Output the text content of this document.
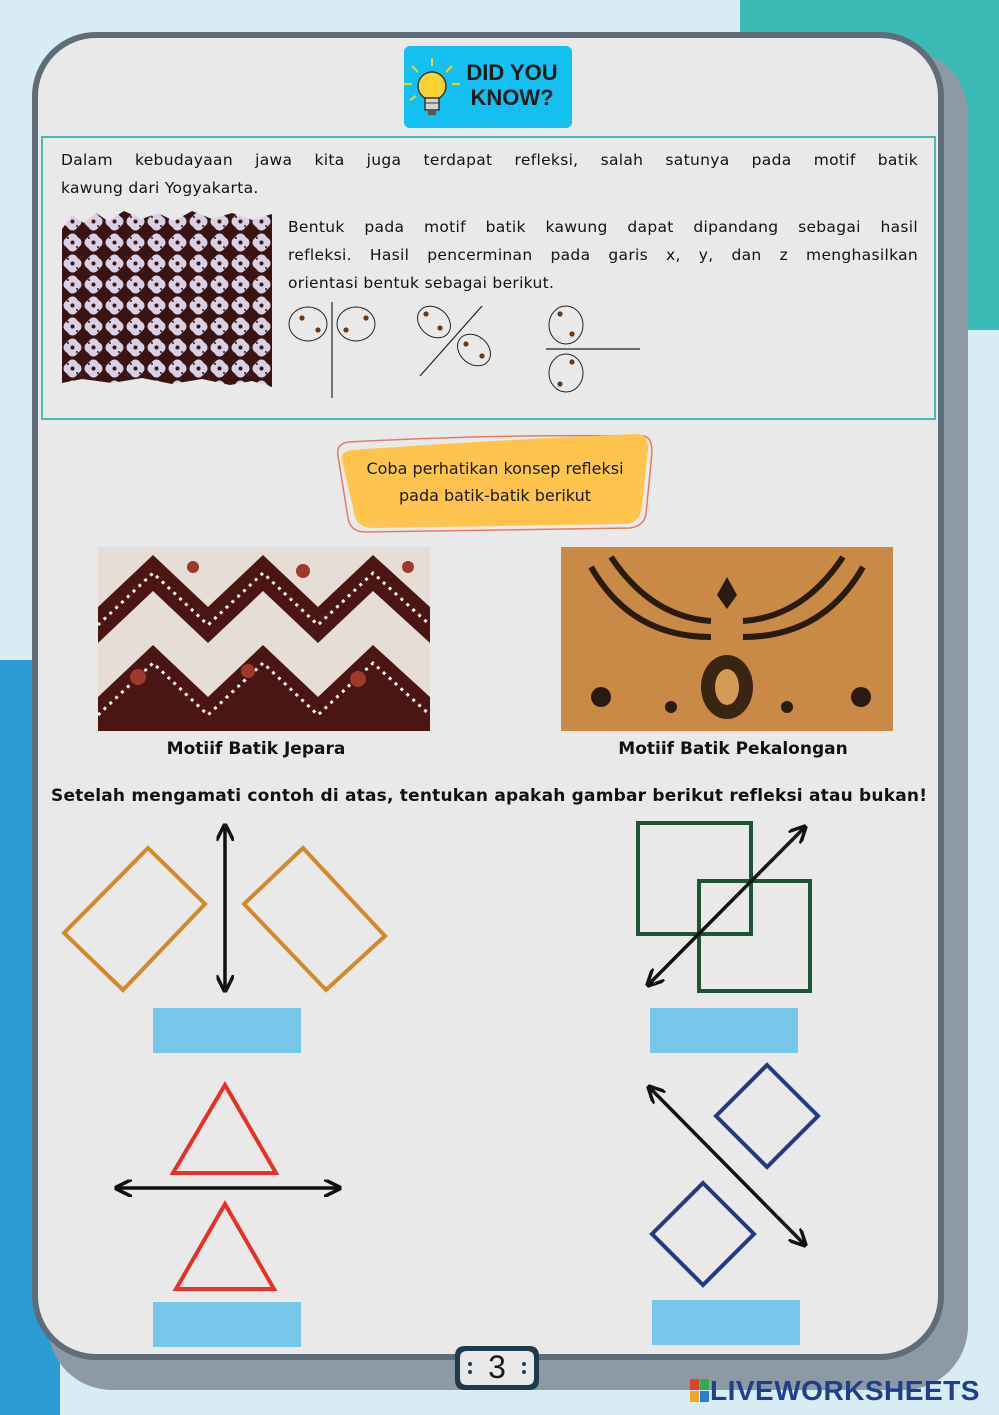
DID YOU
KNOW?
Dalam kebudayaan jawa kita juga terdapat refleksi, salah satunya pada motif batik
kawung dari Yogyakarta.
Bentuk pada motif batik kawung dapat dipandang sebagai hasil
refleksi. Hasil pencerminan pada garis x, y, dan z menghasilkan
orientasi bentuk sebagai berikut.
Coba perhatikan konsep refleksi
pada batik-batik berikut
Motiif Batik Jepara	Motiif Batik Pekalongan
Setelah mengamati contoh di atas, tentukan apakah gambar berikut refleksi atau bukan!
3
LIVEWORKSHEETS
